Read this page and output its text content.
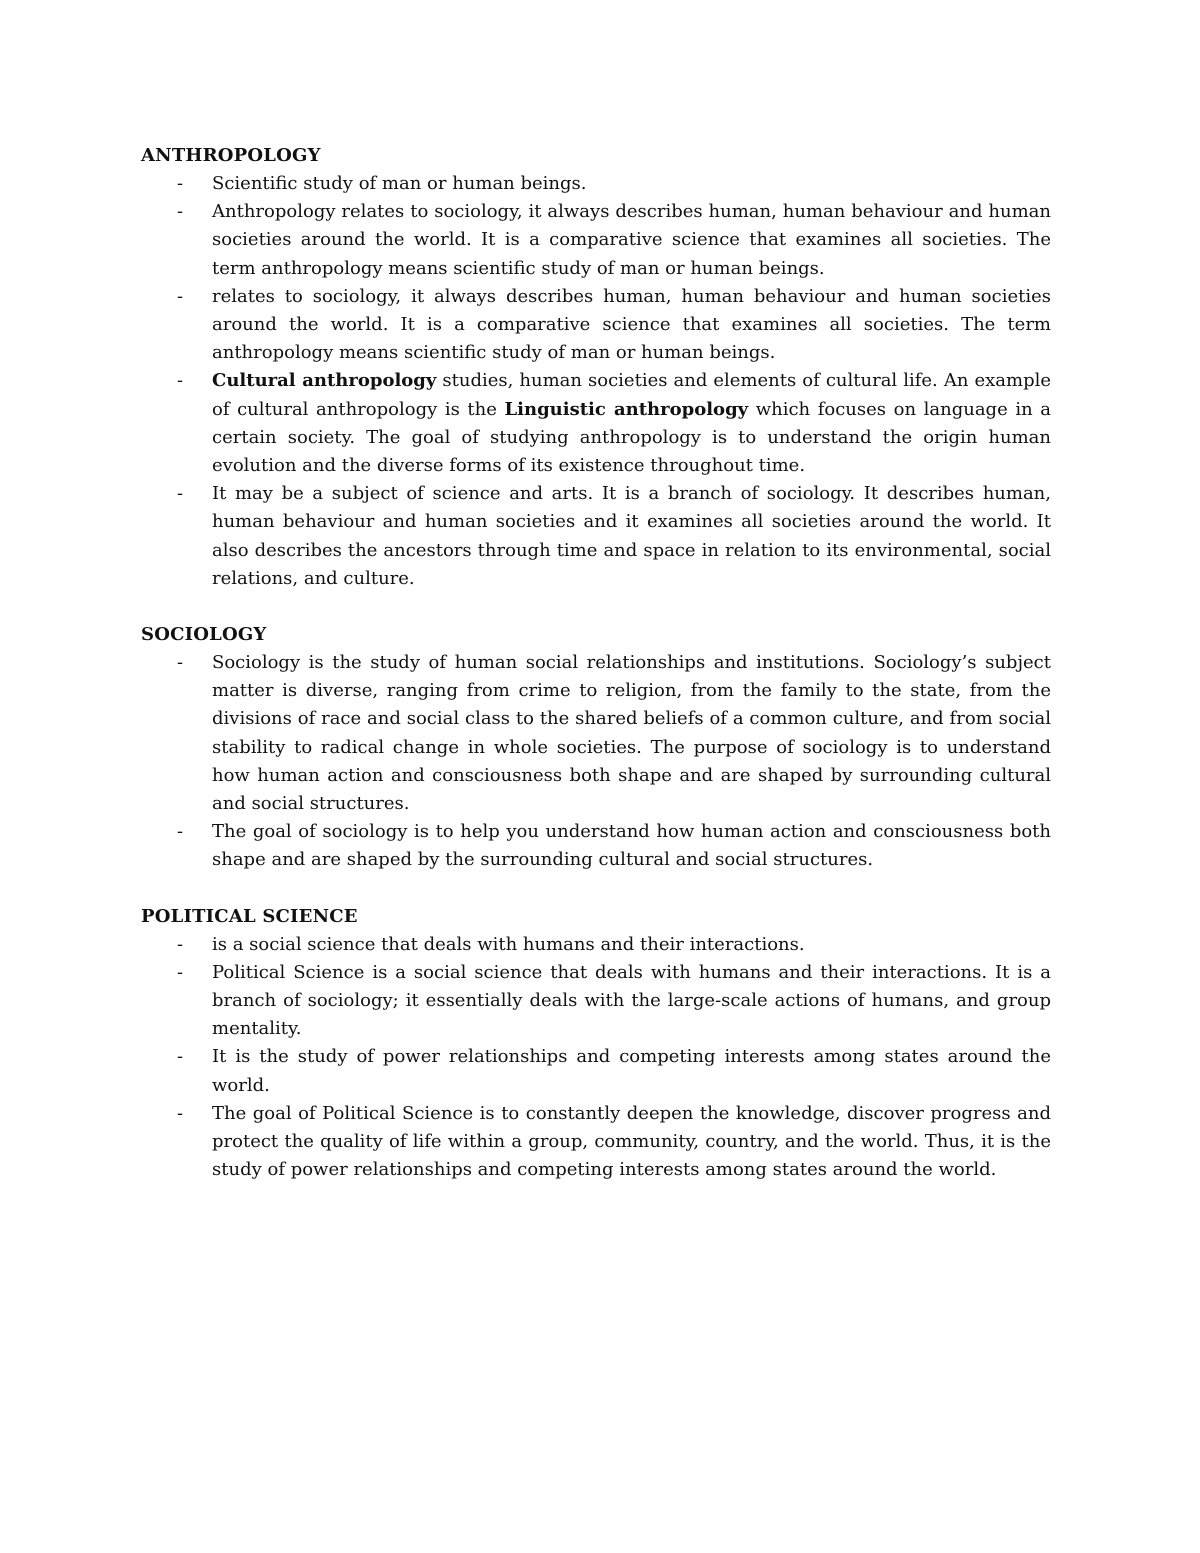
ANTHROPOLOGY
- Scientific study of man or human beings.
- Anthropology relates to sociology, it always describes human, human behaviour and human societies around the world. It is a comparative science that examines all societies. The term anthropology means scientific study of man or human beings.
- relates to sociology, it always describes human, human behaviour and human societies around the world. It is a comparative science that examines all societies. The term anthropology means scientific study of man or human beings.
- Cultural anthropology studies, human societies and elements of cultural life. An example of cultural anthropology is the Linguistic anthropology which focuses on language in a certain society. The goal of studying anthropology is to understand the origin human evolution and the diverse forms of its existence throughout time.
- It may be a subject of science and arts. It is a branch of sociology. It describes human, human behaviour and human societies and it examines all societies around the world. It also describes the ancestors through time and space in relation to its environmental, social relations, and culture.
SOCIOLOGY
- Sociology is the study of human social relationships and institutions. Sociology’s subject matter is diverse, ranging from crime to religion, from the family to the state, from the divisions of race and social class to the shared beliefs of a common culture, and from social stability to radical change in whole societies. The purpose of sociology is to understand how human action and consciousness both shape and are shaped by surrounding cultural and social structures.
- The goal of sociology is to help you understand how human action and consciousness both shape and are shaped by the surrounding cultural and social structures.
POLITICAL SCIENCE
- is a social science that deals with humans and their interactions.
- Political Science is a social science that deals with humans and their interactions. It is a branch of sociology; it essentially deals with the large-scale actions of humans, and group mentality.
- It is the study of power relationships and competing interests among states around the world.
- The goal of Political Science is to constantly deepen the knowledge, discover progress and protect the quality of life within a group, community, country, and the world. Thus, it is the study of power relationships and competing interests among states around the world.
